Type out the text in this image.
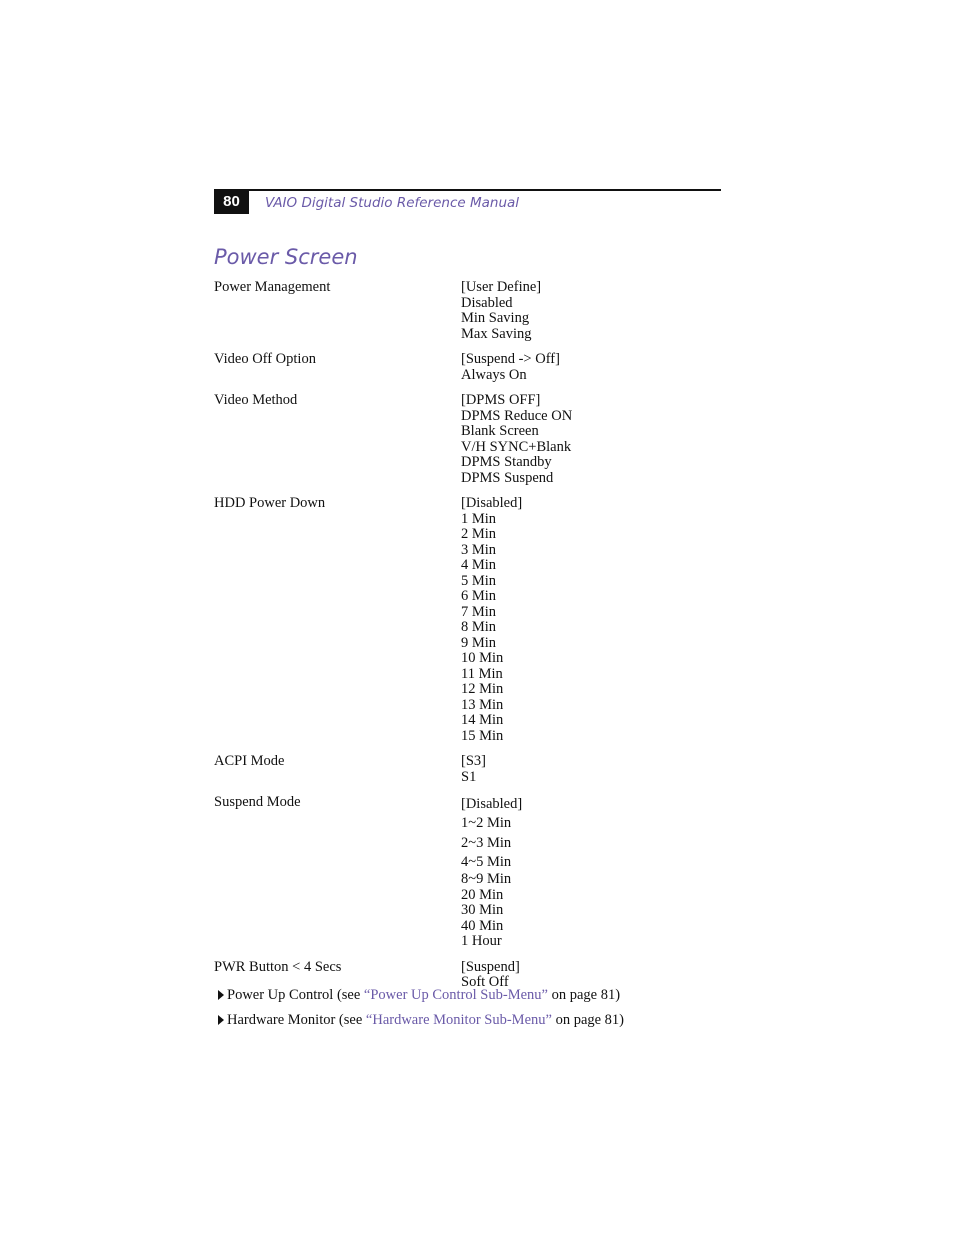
80	VAIO Digital Studio Reference Manual
Power Screen
Power Management	[User Define]
Disabled
Min Saving
Max Saving
Video Off Option	[Suspend -> Off]
Always On
Video Method	[DPMS OFF]
DPMS Reduce ON
Blank Screen
V/H SYNC+Blank
DPMS Standby
DPMS Suspend
HDD Power Down	[Disabled]
1 Min
2 Min
3 Min
4 Min
5 Min
6 Min
7 Min
8 Min
9 Min
10 Min
11 Min
12 Min
13 Min
14 Min
15 Min
ACPI Mode	[S3]
S1
Suspend Mode	[Disabled]
1~2 Min
2~3 Min
4~5 Min
8~9 Min
20 Min
30 Min
40 Min
1 Hour
PWR Button < 4 Secs	[Suspend]
Soft Off
Power Up Control (see “Power Up Control Sub-Menu” on page 81)
Hardware Monitor (see “Hardware Monitor Sub-Menu” on page 81)
